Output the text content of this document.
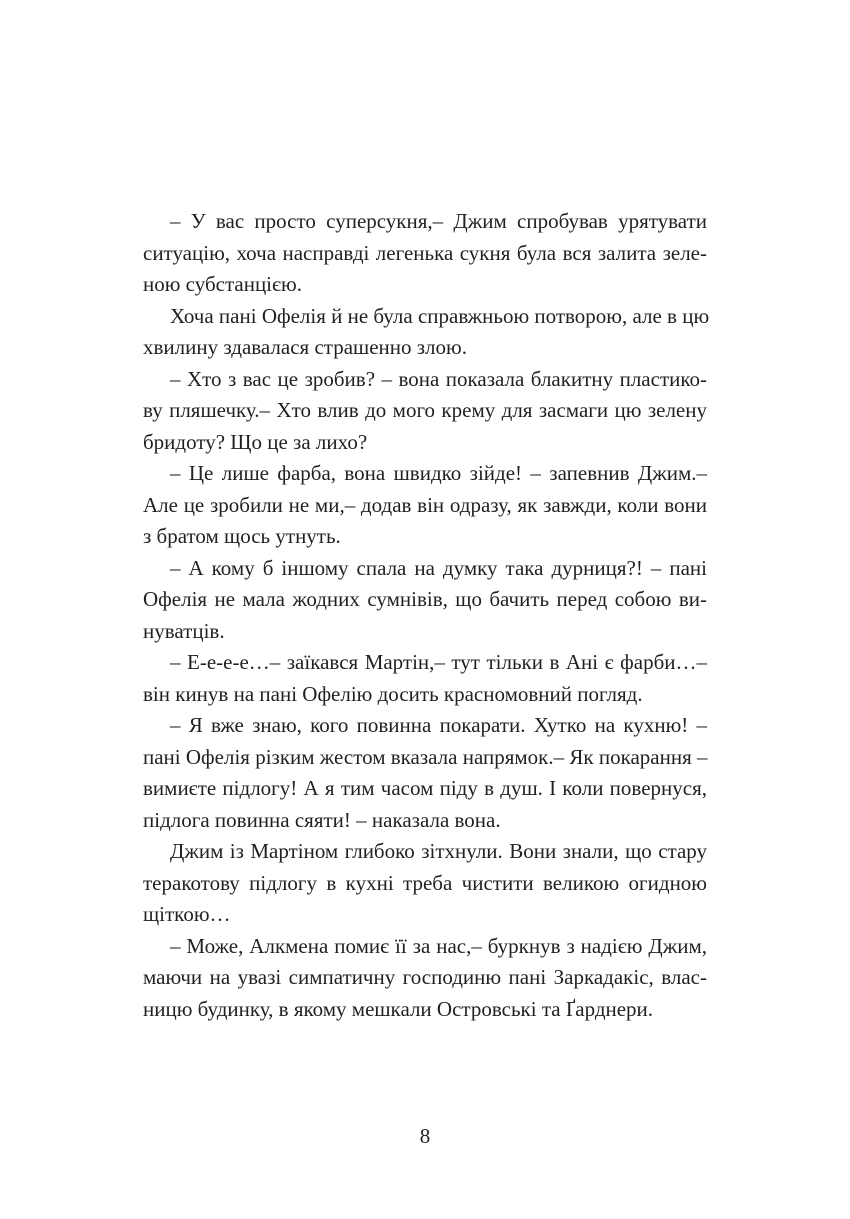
– У вас просто суперсукня,– Джим спробував урятувати
ситуацію, хоча насправді легенька сукня була вся залита зеле-
ною субстанцією.
Хоча пані Офелія й не була справжньою потворою, але в цю
хвилину здавалася страшенно злою.
– Хто з вас це зробив? – вона показала блакитну пластико-
ву пляшечку.– Хто влив до мого крему для засмаги цю зелену
бридоту? Що це за лихо?
– Це лише фарба, вона швидко зійде! – запевнив Джим.–
Але це зробили не ми,– додав він одразу, як завжди, коли вони
з братом щось утнуть.
– А кому б іншому спала на думку така дурниця?! – пані
Офелія не мала жодних сумнівів, що бачить перед собою ви-
нуватців.
– Е-е-е-е…– заїкався Мартін,– тут тільки в Ані є фарби…–
він кинув на пані Офелію досить красномовний погляд.
– Я вже знаю, кого повинна покарати. Хутко на кухню! –
пані Офелія різким жестом вказала напрямок.– Як покарання –
вимиєте підлогу! А я тим часом піду в душ. І коли повернуся,
підлога повинна сяяти! – наказала вона.
Джим із Мартіном глибоко зітхнули. Вони знали, що стару
теракотову підлогу в кухні треба чистити великою огидною
щіткою…
– Може, Алкмена помиє її за нас,– буркнув з надією Джим,
маючи на увазі симпатичну господиню пані Заркадакіс, влас-
ницю будинку, в якому мешкали Островські та Ґарднери.
8
